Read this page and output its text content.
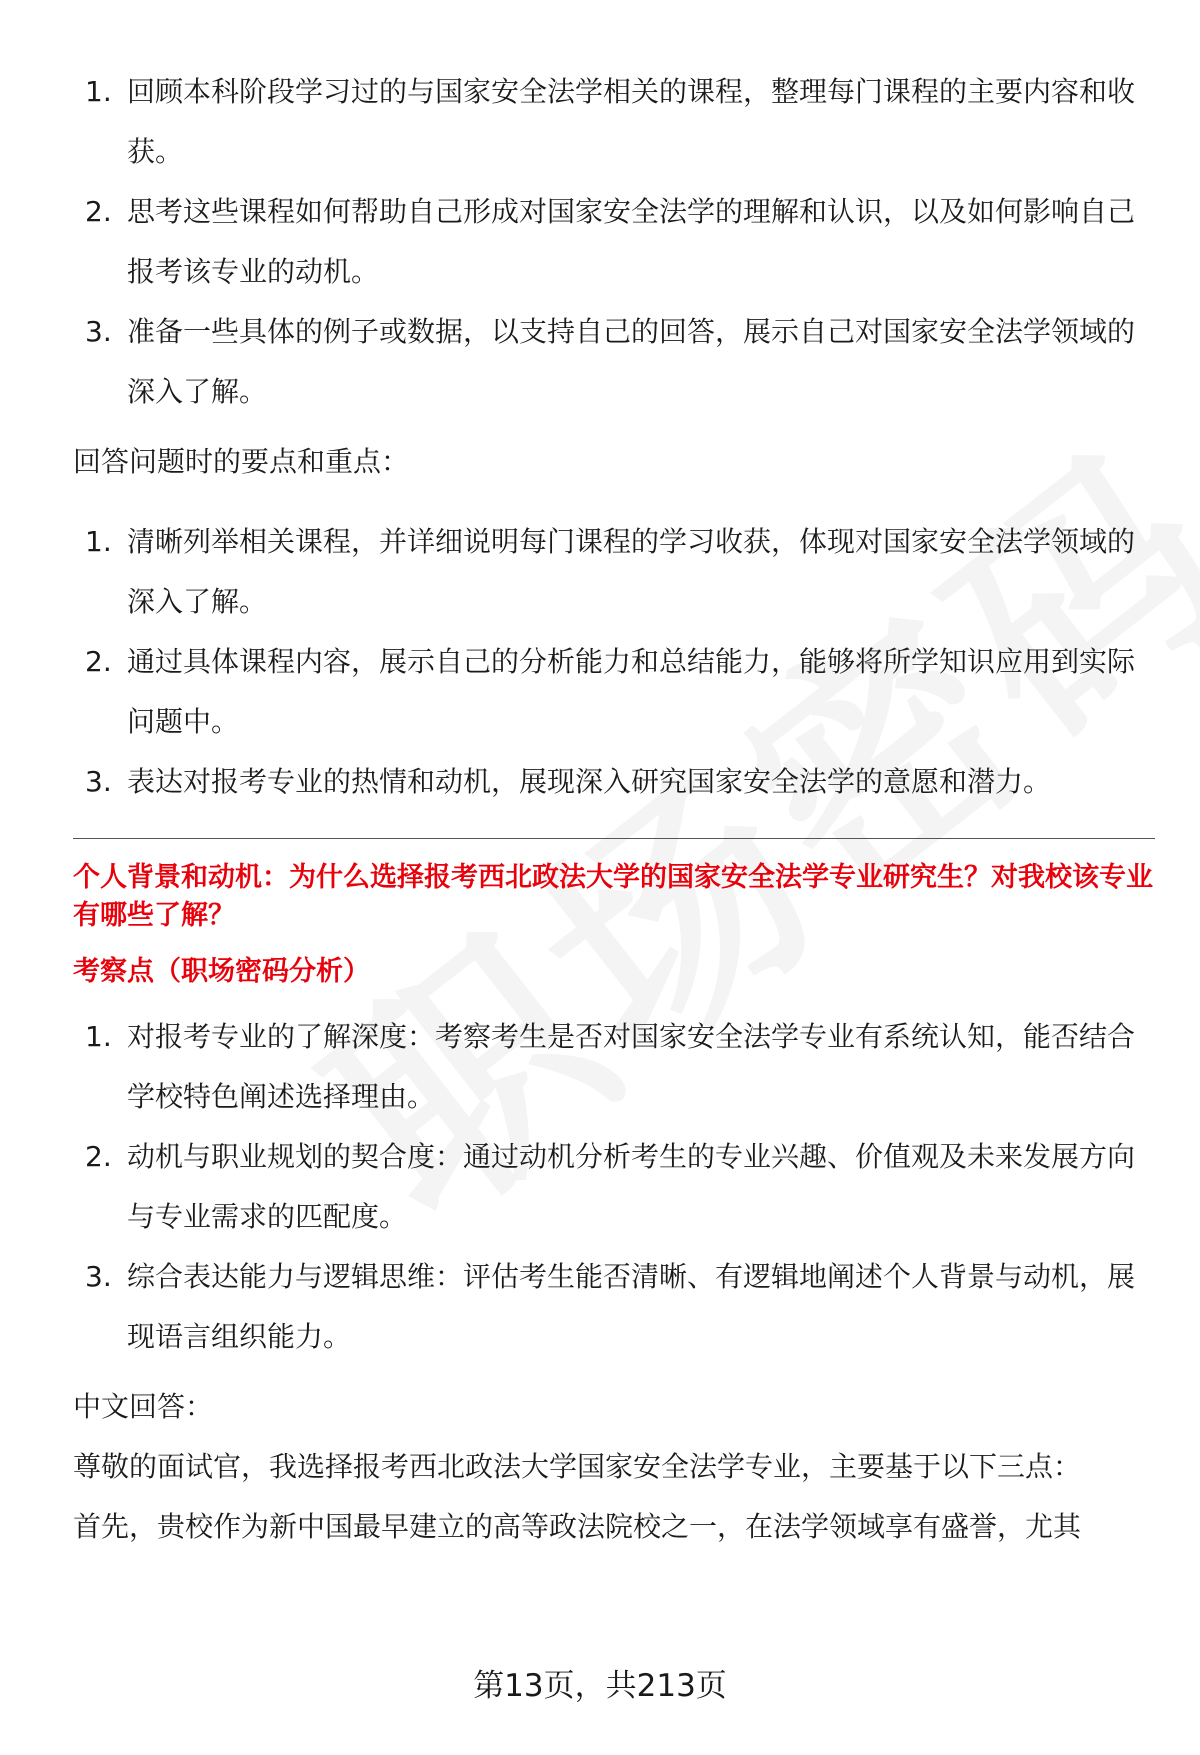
1. 回顾本科阶段学习过的与国家安全法学相关的课程，整理每门课程的主要内容和收获。
2. 思考这些课程如何帮助自己形成对国家安全法学的理解和认识，以及如何影响自己报考该专业的动机。
3. 准备一些具体的例子或数据，以支持自己的回答，展示自己对国家安全法学领域的深入了解。

回答问题时的要点和重点：

1. 清晰列举相关课程，并详细说明每门课程的学习收获，体现对国家安全法学领域的深入了解。
2. 通过具体课程内容，展示自己的分析能力和总结能力，能够将所学知识应用到实际问题中。
3. 表达对报考专业的热情和动机，展现深入研究国家安全法学的意愿和潜力。

个人背景和动机：为什么选择报考西北政法大学的国家安全法学专业研究生？对我校该专业有哪些了解？

考察点（职场密码分析）

1. 对报考专业的了解深度：考察考生是否对国家安全法学专业有系统认知，能否结合学校特色阐述选择理由。
2. 动机与职业规划的契合度：通过动机分析考生的专业兴趣、价值观及未来发展方向与专业需求的匹配度。
3. 综合表达能力与逻辑思维：评估考生能否清晰、有逻辑地阐述个人背景与动机，展现语言组织能力。

中文回答：

尊敬的面试官，我选择报考西北政法大学国家安全法学专业，主要基于以下三点：

首先，贵校作为新中国最早建立的高等政法院校之一，在法学领域享有盛誉，尤其

第13页，共213页
